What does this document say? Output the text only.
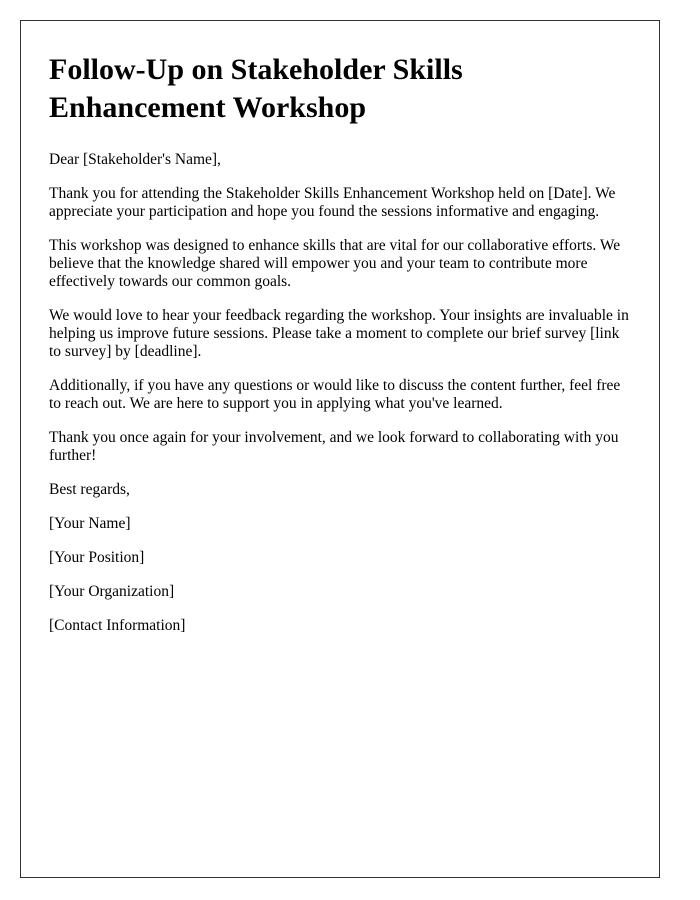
Follow-Up on Stakeholder Skills Enhancement Workshop

Dear [Stakeholder's Name],

Thank you for attending the Stakeholder Skills Enhancement Workshop held on [Date]. We appreciate your participation and hope you found the sessions informative and engaging.

This workshop was designed to enhance skills that are vital for our collaborative efforts. We believe that the knowledge shared will empower you and your team to contribute more effectively towards our common goals.

We would love to hear your feedback regarding the workshop. Your insights are invaluable in helping us improve future sessions. Please take a moment to complete our brief survey [link to survey] by [deadline].

Additionally, if you have any questions or would like to discuss the content further, feel free to reach out. We are here to support you in applying what you've learned.

Thank you once again for your involvement, and we look forward to collaborating with you further!

Best regards,

[Your Name]

[Your Position]

[Your Organization]

[Contact Information]
